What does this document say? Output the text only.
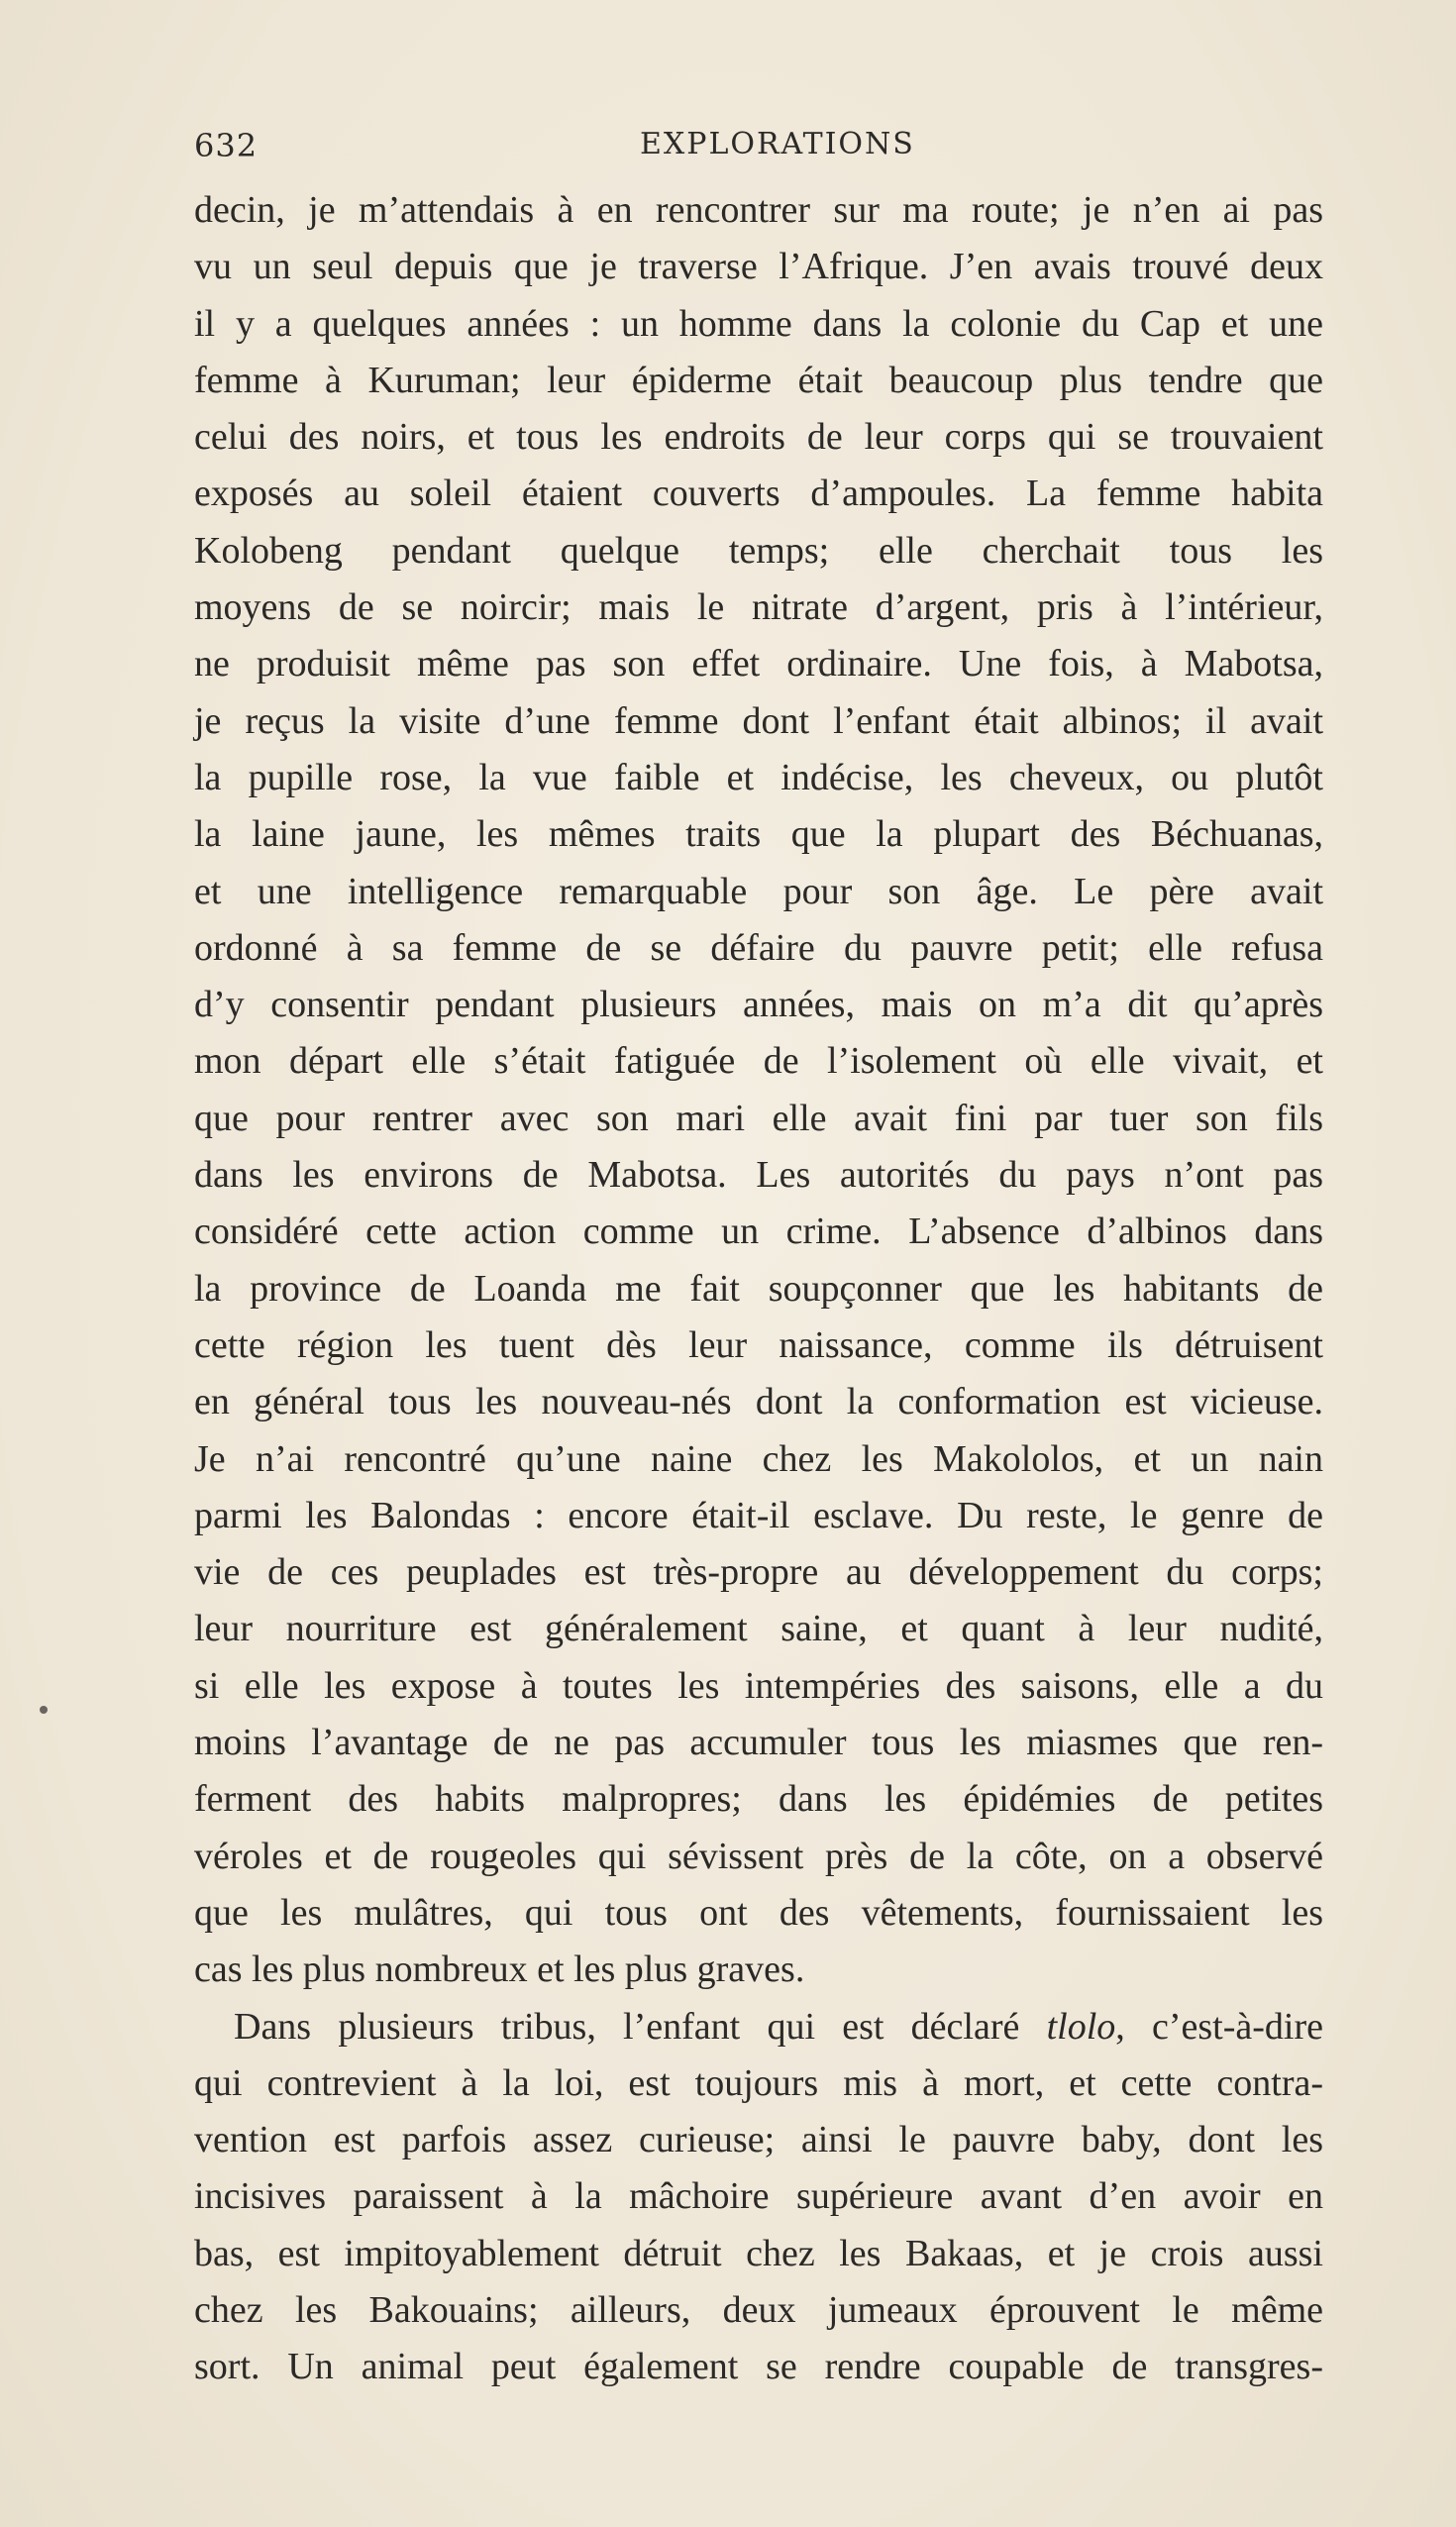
632	EXPLORATIONS
decin, je m’attendais à en rencontrer sur ma route; je n’en ai pas
vu un seul depuis que je traverse l’Afrique. J’en avais trouvé deux
il y a quelques années : un homme dans la colonie du Cap et une
femme à Kuruman; leur épiderme était beaucoup plus tendre que
celui des noirs, et tous les endroits de leur corps qui se trouvaient
exposés au soleil étaient couverts d’ampoules. La femme habita
Kolobeng pendant quelque temps; elle cherchait tous les
moyens de se noircir; mais le nitrate d’argent, pris à l’intérieur,
ne produisit même pas son effet ordinaire. Une fois, à Mabotsa,
je reçus la visite d’une femme dont l’enfant était albinos; il avait
la pupille rose, la vue faible et indécise, les cheveux, ou plutôt
la laine jaune, les mêmes traits que la plupart des Béchuanas,
et une intelligence remarquable pour son âge. Le père avait
ordonné à sa femme de se défaire du pauvre petit; elle refusa
d’y consentir pendant plusieurs années, mais on m’a dit qu’après
mon départ elle s’était fatiguée de l’isolement où elle vivait, et
que pour rentrer avec son mari elle avait fini par tuer son fils
dans les environs de Mabotsa. Les autorités du pays n’ont pas
considéré cette action comme un crime. L’absence d’albinos dans
la province de Loanda me fait soupçonner que les habitants de
cette région les tuent dès leur naissance, comme ils détruisent
en général tous les nouveau-nés dont la conformation est vicieuse.
Je n’ai rencontré qu’une naine chez les Makololos, et un nain
parmi les Balondas : encore était-il esclave. Du reste, le genre de
vie de ces peuplades est très-propre au développement du corps;
leur nourriture est généralement saine, et quant à leur nudité,
si elle les expose à toutes les intempéries des saisons, elle a du
moins l’avantage de ne pas accumuler tous les miasmes que ren-
ferment des habits malpropres; dans les épidémies de petites
véroles et de rougeoles qui sévissent près de la côte, on a observé
que les mulâtres, qui tous ont des vêtements, fournissaient les
cas les plus nombreux et les plus graves.
Dans plusieurs tribus, l’enfant qui est déclaré tlolo, c’est-à-dire
qui contrevient à la loi, est toujours mis à mort, et cette contra-
vention est parfois assez curieuse; ainsi le pauvre baby, dont les
incisives paraissent à la mâchoire supérieure avant d’en avoir en
bas, est impitoyablement détruit chez les Bakaas, et je crois aussi
chez les Bakouains; ailleurs, deux jumeaux éprouvent le même
sort. Un animal peut également se rendre coupable de transgres-
